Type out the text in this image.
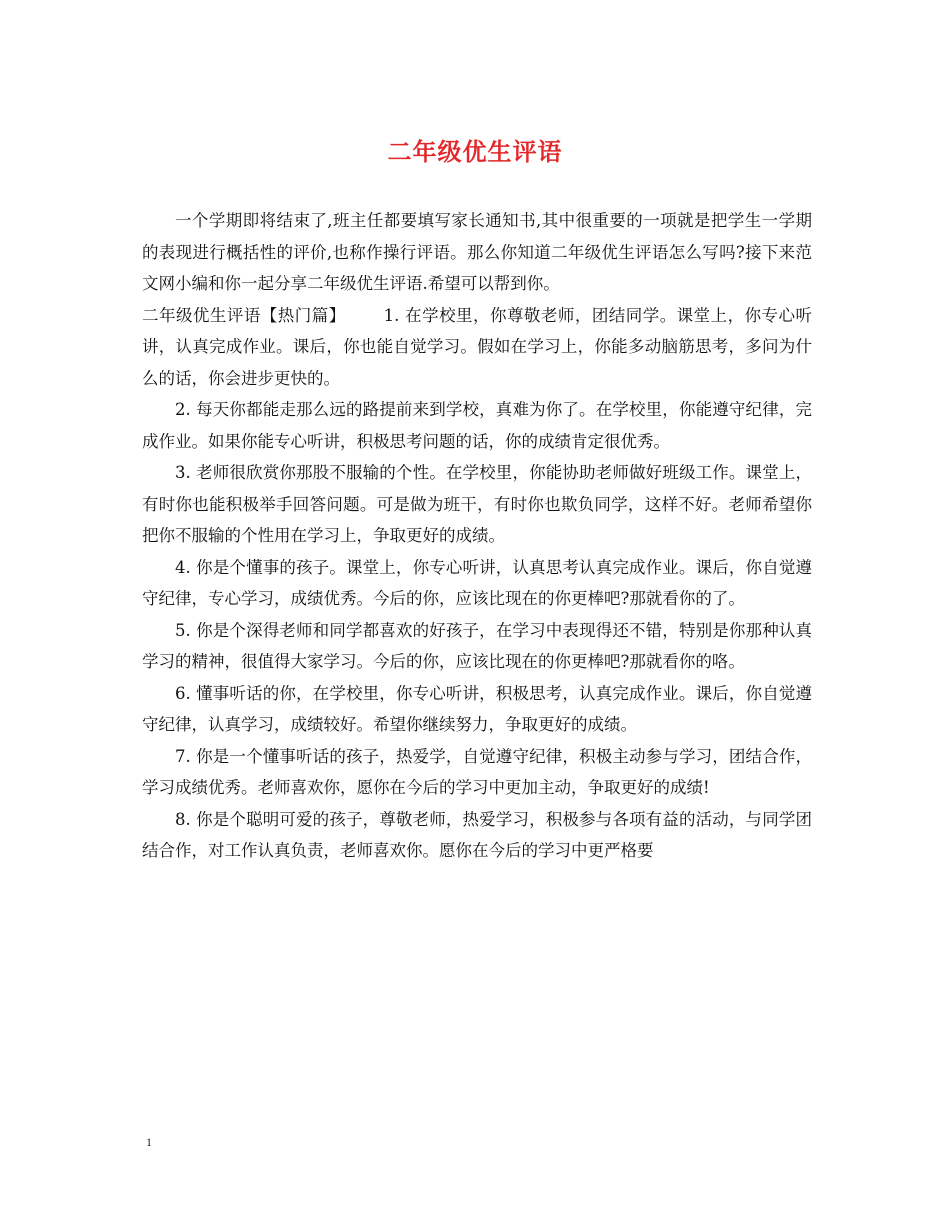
二年级优生评语

一个学期即将结束了,班主任都要填写家长通知书,其中很重要的一项就是把学生一学期的表现进行概括性的评价,也称作操行评语。那么你知道二年级优生评语怎么写吗?接下来范文网小编和你一起分享二年级优生评语.希望可以帮到你。

二年级优生评语【热门篇】 1. 在学校里，你尊敬老师，团结同学。课堂上，你专心听讲，认真完成作业。课后，你也能自觉学习。假如在学习上，你能多动脑筋思考，多问为什么的话，你会进步更快的。

2. 每天你都能走那么远的路提前来到学校，真难为你了。在学校里，你能遵守纪律，完成作业。如果你能专心听讲，积极思考问题的话，你的成绩肯定很优秀。

3. 老师很欣赏你那股不服输的个性。在学校里，你能协助老师做好班级工作。课堂上，有时你也能积极举手回答问题。可是做为班干，有时你也欺负同学，这样不好。老师希望你把你不服输的个性用在学习上，争取更好的成绩。

4. 你是个懂事的孩子。课堂上，你专心听讲，认真思考认真完成作业。课后，你自觉遵守纪律，专心学习，成绩优秀。今后的你，应该比现在的你更棒吧?那就看你的了。

5. 你是个深得老师和同学都喜欢的好孩子，在学习中表现得还不错，特别是你那种认真学习的精神，很值得大家学习。今后的你，应该比现在的你更棒吧?那就看你的咯。

6. 懂事听话的你，在学校里，你专心听讲，积极思考，认真完成作业。课后，你自觉遵守纪律，认真学习，成绩较好。希望你继续努力，争取更好的成绩。

7. 你是一个懂事听话的孩子，热爱学，自觉遵守纪律，积极主动参与学习，团结合作，学习成绩优秀。老师喜欢你，愿你在今后的学习中更加主动，争取更好的成绩!

8. 你是个聪明可爱的孩子，尊敬老师，热爱学习，积极参与各项有益的活动，与同学团结合作，对工作认真负责，老师喜欢你。愿你在今后的学习中更严格要

1
